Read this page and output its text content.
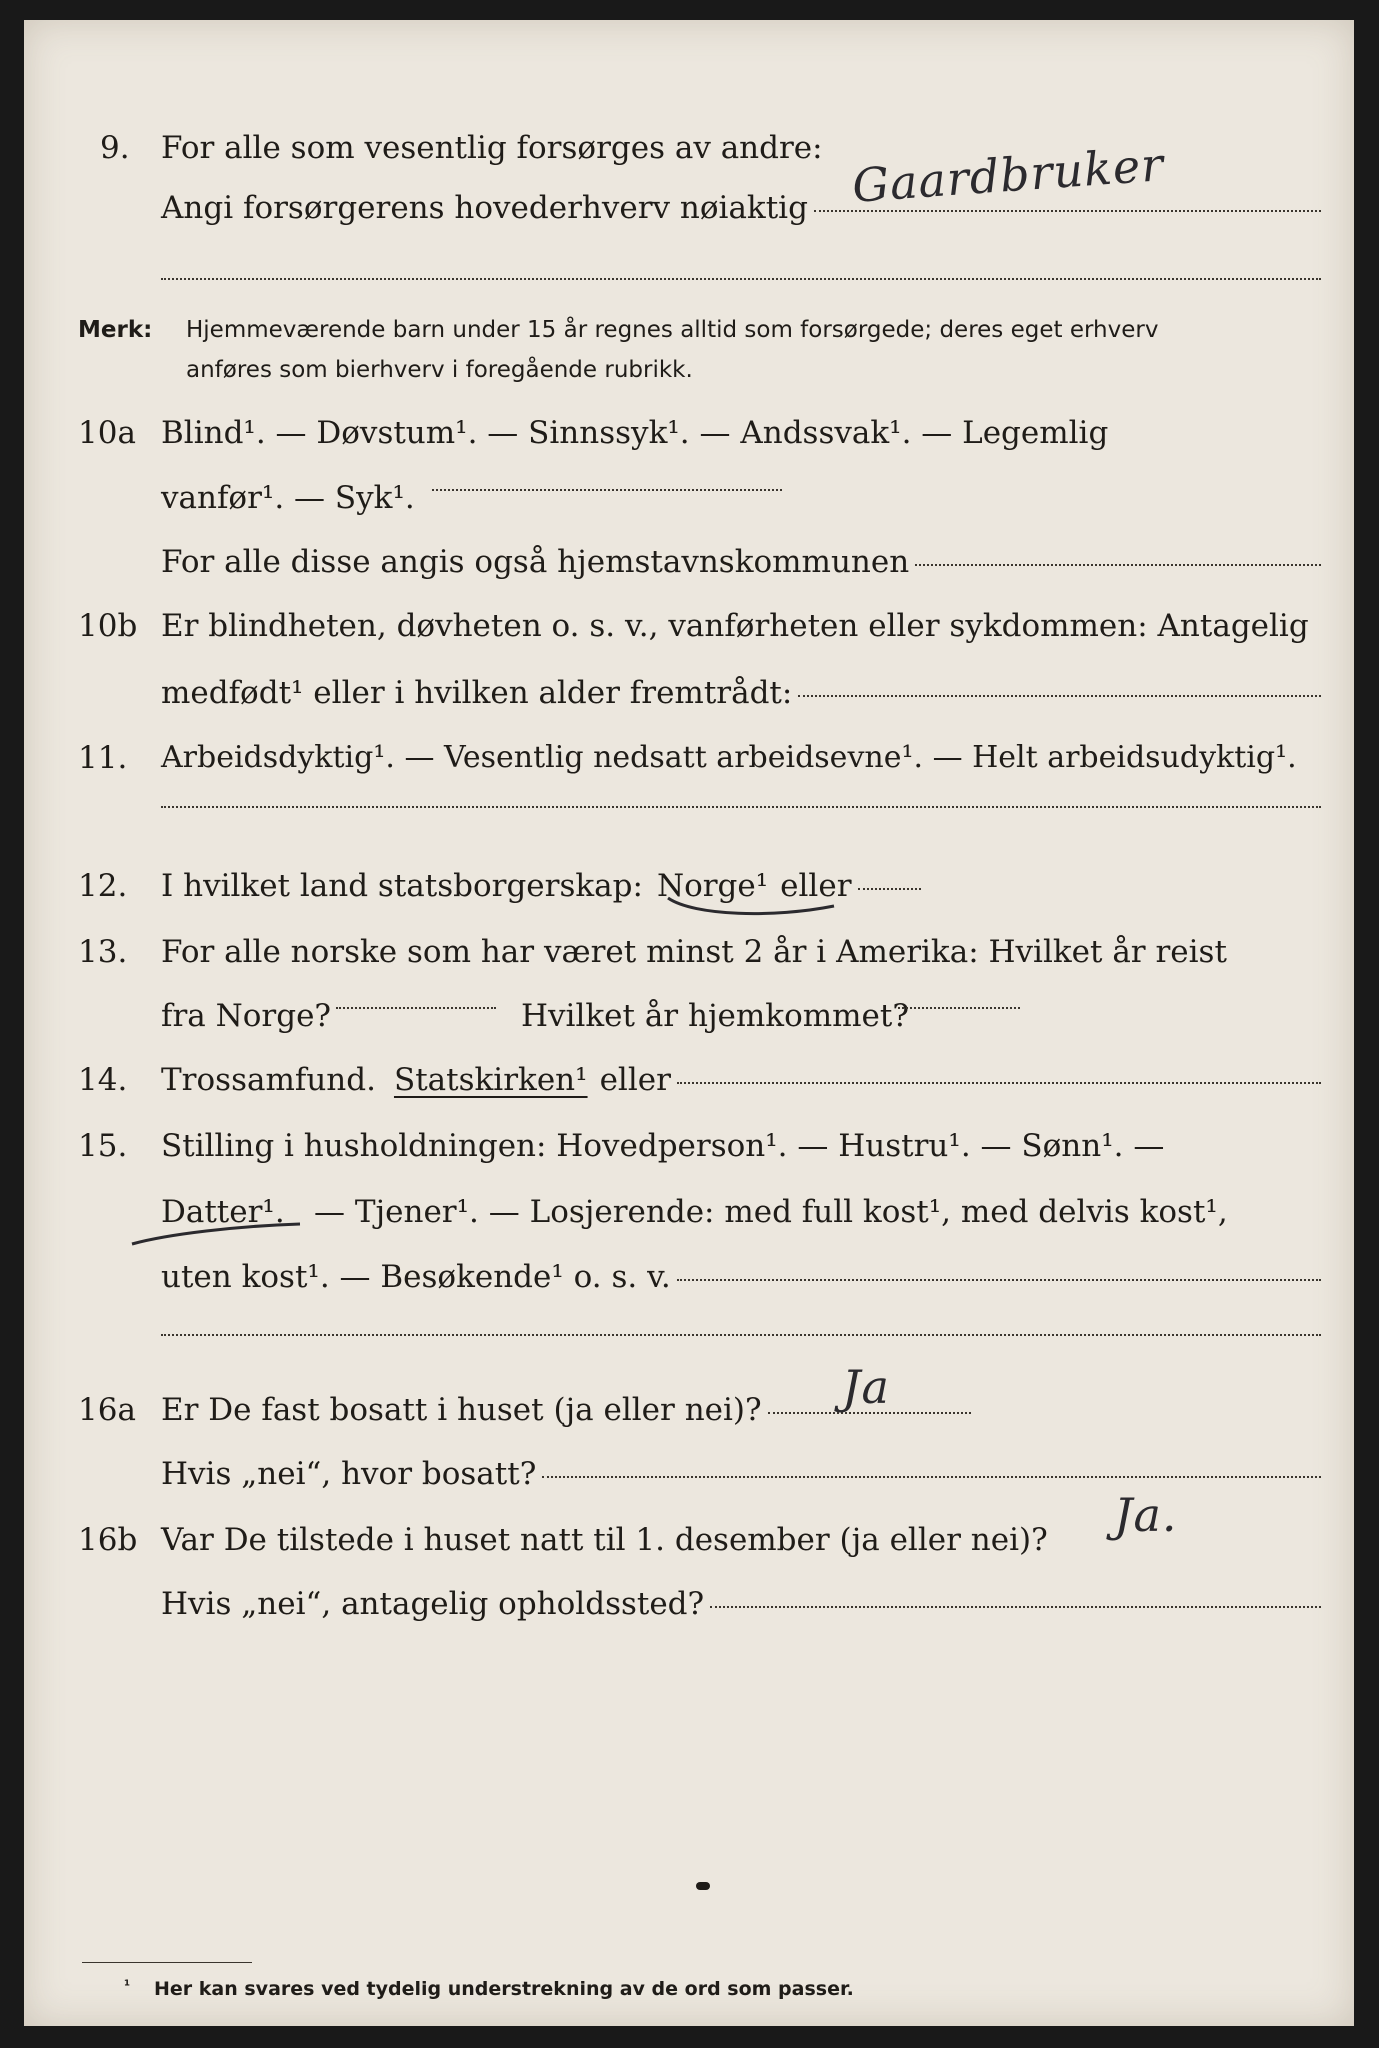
9. For alle som vesentlig forsørges av andre:
Angi forsørgerens hovederhverv nøiaktig Gaardbruker
Merk: Hjemmeværende barn under 15 år regnes alltid som forsørgede; deres eget erhverv
anføres som bierhverv i foregående rubrikk.
10a Blind¹. — Døvstum¹. — Sinnssyk¹. — Andssvak¹. — Legemlig
vanfør¹. — Syk¹.
For alle disse angis også hjemstavnskommunen
10b Er blindheten, døvheten o. s. v., vanførheten eller sykdommen: Antagelig
medfødt¹ eller i hvilken alder fremtrådt:
11. Arbeidsdyktig¹. — Vesentlig nedsatt arbeidsevne¹. — Helt arbeidsudyktig¹.
12. I hvilket land statsborgerskap: Norge¹ eller
13. For alle norske som har været minst 2 år i Amerika: Hvilket år reist
fra Norge?	Hvilket år hjemkommet?
14. Trossamfund. Statskirken¹ eller
15. Stilling i husholdningen: Hovedperson¹. — Hustru¹. — Sønn¹. —
Datter¹. — Tjener¹. — Losjerende: med full kost¹, med delvis kost¹,
uten kost¹. — Besøkende¹ o. s. v.
16a Er De fast bosatt i huset (ja eller nei)? Ja
Hvis „nei“, hvor bosatt?
16b Var De tilstede i huset natt til 1. desember (ja eller nei)? Ja.
Hvis „nei“, antagelig opholdssted?
¹ Her kan svares ved tydelig understrekning av de ord som passer.
